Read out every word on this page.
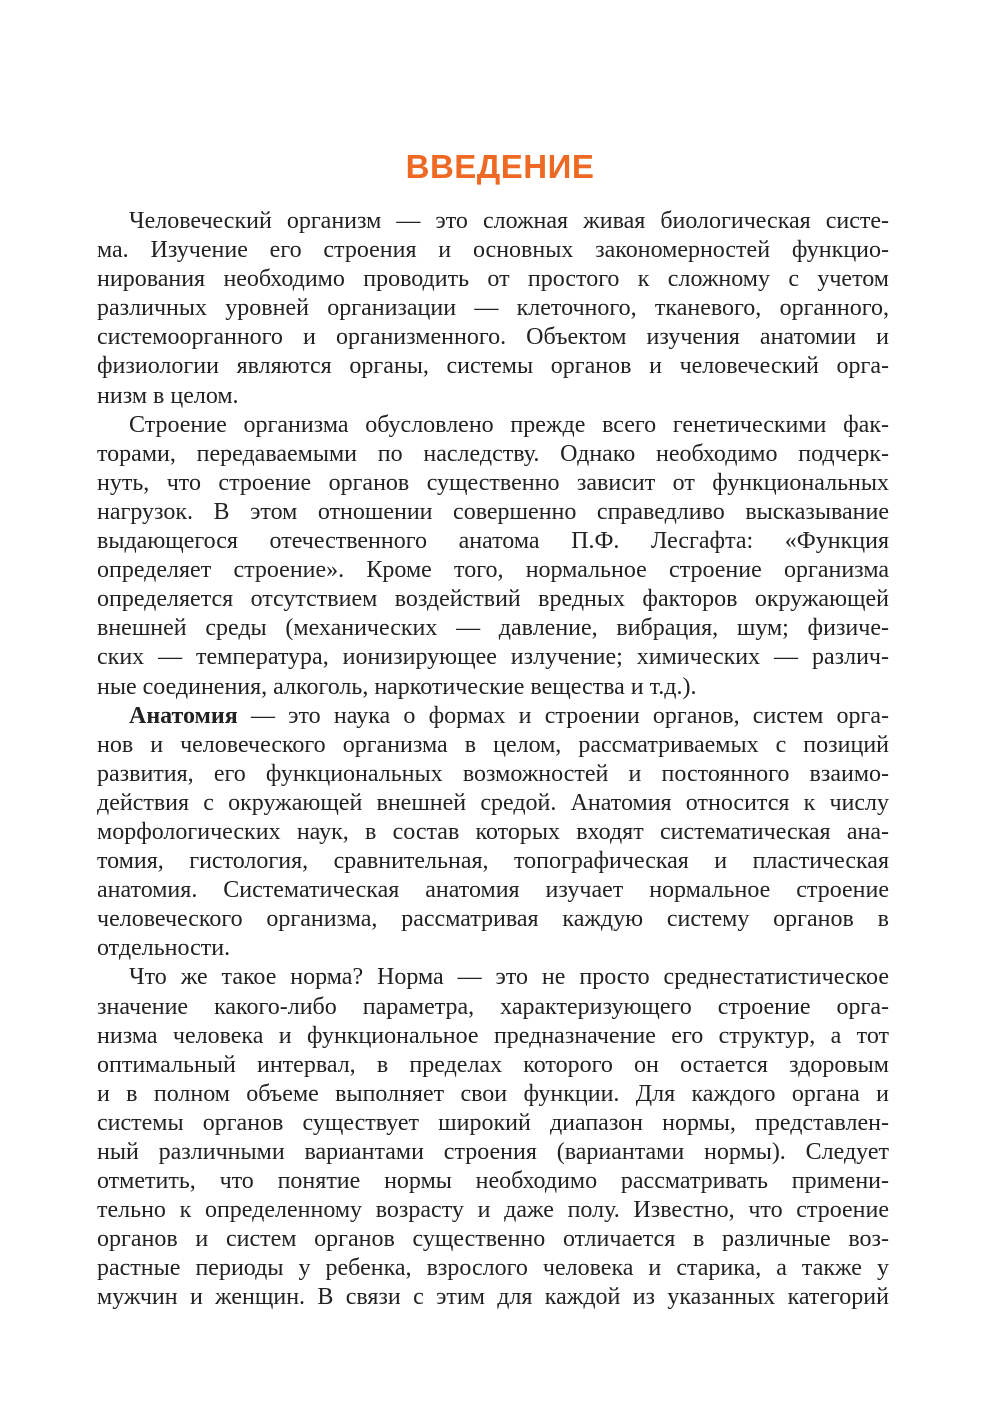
ВВЕДЕНИЕ

Человеческий организм — это сложная живая биологическая систе-
ма. Изучение его строения и основных закономерностей функцио-
нирования необходимо проводить от простого к сложному с учетом
различных уровней организации — клеточного, тканевого, органного,
системоорганного и организменного. Объектом изучения анатомии и
физиологии являются органы, системы органов и человеческий орга-
низм в целом.

Строение организма обусловлено прежде всего генетическими фак-
торами, передаваемыми по наследству. Однако необходимо подчерк-
нуть, что строение органов существенно зависит от функциональных
нагрузок. В этом отношении совершенно справедливо высказывание
выдающегося отечественного анатома П.Ф. Лесгафта: «Функция
определяет строение». Кроме того, нормальное строение организма
определяется отсутствием воздействий вредных факторов окружающей
внешней среды (механических — давление, вибрация, шум; физиче-
ских — температура, ионизирующее излучение; химических — различ-
ные соединения, алкоголь, наркотические вещества и т.д.).

Анатомия — это наука о формах и строении органов, систем орга-
нов и человеческого организма в целом, рассматриваемых с позиций
развития, его функциональных возможностей и постоянного взаимо-
действия с окружающей внешней средой. Анатомия относится к числу
морфологических наук, в состав которых входят систематическая ана-
томия, гистология, сравнительная, топографическая и пластическая
анатомия. Систематическая анатомия изучает нормальное строение
человеческого организма, рассматривая каждую систему органов в
отдельности.

Что же такое норма? Норма — это не просто среднестатистическое
значение какого-либо параметра, характеризующего строение орга-
низма человека и функциональное предназначение его структур, а тот
оптимальный интервал, в пределах которого он остается здоровым
и в полном объеме выполняет свои функции. Для каждого органа и
системы органов существует широкий диапазон нормы, представлен-
ный различными вариантами строения (вариантами нормы). Следует
отметить, что понятие нормы необходимо рассматривать примени-
тельно к определенному возрасту и даже полу. Известно, что строение
органов и систем органов существенно отличается в различные воз-
растные периоды у ребенка, взрослого человека и старика, а также у
мужчин и женщин. В связи с этим для каждой из указанных категорий
